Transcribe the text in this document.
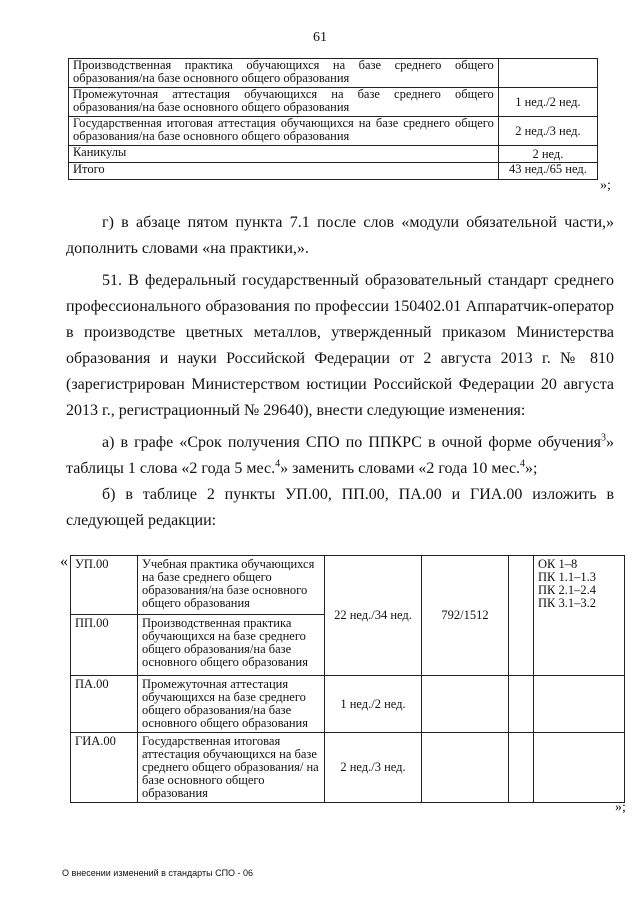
61
Производственная практика обучающихся на базе среднего общего образования/на базе основного общего образования	
Промежуточная аттестация обучающихся на базе среднего общего образования/на базе основного общего образования	1 нед./2 нед.
Государственная итоговая аттестация обучающихся на базе среднего общего образования/на базе основного общего образования	2 нед./3 нед.
Каникулы	2 нед.
Итого	43 нед./65 нед.
»;

г) в абзаце пятом пункта 7.1 после слов «модули обязательной части,» дополнить словами «на практики,».

51. В федеральный государственный образовательный стандарт среднего профессионального образования по профессии 150402.01 Аппаратчик-оператор в производстве цветных металлов, утвержденный приказом Министерства образования и науки Российской Федерации от 2 августа 2013 г. № 810 (зарегистрирован Министерством юстиции Российской Федерации 20 августа 2013 г., регистрационный № 29640), внести следующие изменения:

а) в графе «Срок получения СПО по ППКРС в очной форме обучения$^3$» таблицы 1 слова «2 года 5 мес.$^4$» заменить словами «2 года 10 мес.$^4$»;

б) в таблице 2 пункты УП.00, ПП.00, ПА.00 и ГИА.00 изложить в следующей редакции:

« УП.00	Учебная практика обучающихся на базе среднего общего образования/на базе основного общего образования	22 нед./34 нед.	792/1512		ОК 1–8
ПК 1.1–1.3
ПК 2.1–2.4
ПК 3.1–3.2

ПП.00	Производственная практика обучающихся на базе среднего общего образования/на базе основного общего образования				
ПА.00	Промежуточная аттестация обучающихся на базе среднего общего образования/на базе основного общего образования	1 нед./2 нед.			
ГИА.00	Государственная итоговая аттестация обучающихся на базе среднего общего образования/ на базе основного общего образования	2 нед./3 нед.			
»;
О внесении изменений в стандарты СПО - 06
